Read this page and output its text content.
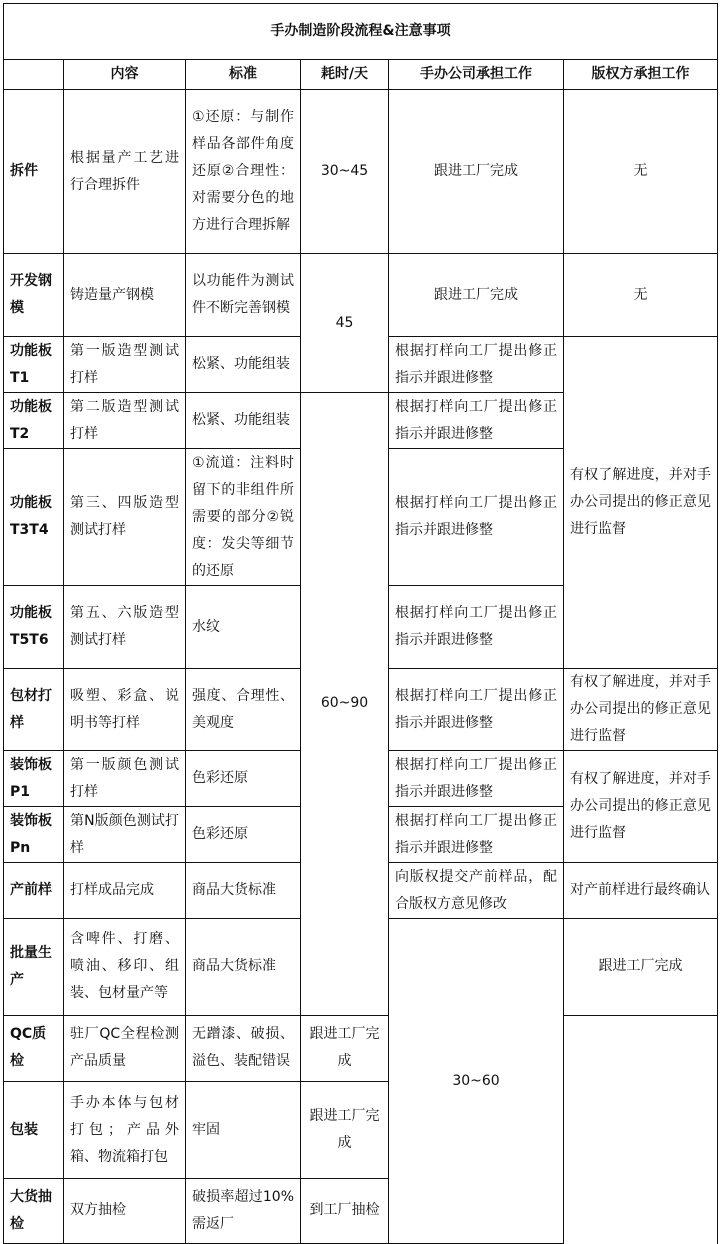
手办制造阶段流程&注意事项						
	内容	标准	耗时/天	手办公司承担工作	版权方承担工作	
拆件	根据量产工艺进行合理拆件	①还原：与制作样品各部件角度还原②合理性：对需要分色的地方进行合理拆解	30~45	跟进工厂完成	无	
开发钢模	铸造量产钢模	以功能件为测试件不断完善钢模	45	跟进工厂完成	无	
功能板T1	第一版造型测试打样	松紧、功能组装		根据打样向工厂提出修正指示并跟进修整	有权了解进度，并对手办公司提出的修正意见进行监督	
功能板T2	第二版造型测试打样	松紧、功能组装	60~90	根据打样向工厂提出修正指示并跟进修整		
功能板T3T4	第三、四版造型测试打样	①流道：注料时留下的非组件所需要的部分②锐度：发尖等细节的还原		根据打样向工厂提出修正指示并跟进修整		
功能板T5T6	第五、六版造型测试打样	水纹		根据打样向工厂提出修正指示并跟进修整		
包材打样	吸塑、彩盒、说明书等打样	强度、合理性、美观度		根据打样向工厂提出修正指示并跟进修整	有权了解进度，并对手办公司提出的修正意见进行监督	
装饰板P1	第一版颜色测试打样	色彩还原		根据打样向工厂提出修正指示并跟进修整	有权了解进度，并对手办公司提出的修正意见进行监督	
装饰板Pn	第N版颜色测试打样	色彩还原		根据打样向工厂提出修正指示并跟进修整		
产前样	打样成品完成	商品大货标准		向版权提交产前样品，配合版权方意见修改	对产前样进行最终确认	
批量生产	含啤件、打磨、喷油、移印、组装、包材量产等	商品大货标准		30~60	跟进工厂完成	
QC质检	驻厂QC全程检测产品质量	无蹭漆、破损、溢色、装配错误	跟进工厂完成			
包装	手办本体与包材打包；产品外箱、物流箱打包	牢固	跟进工厂完成			
大货抽检	双方抽检	破损率超过10%需返厂	到工厂抽检			
